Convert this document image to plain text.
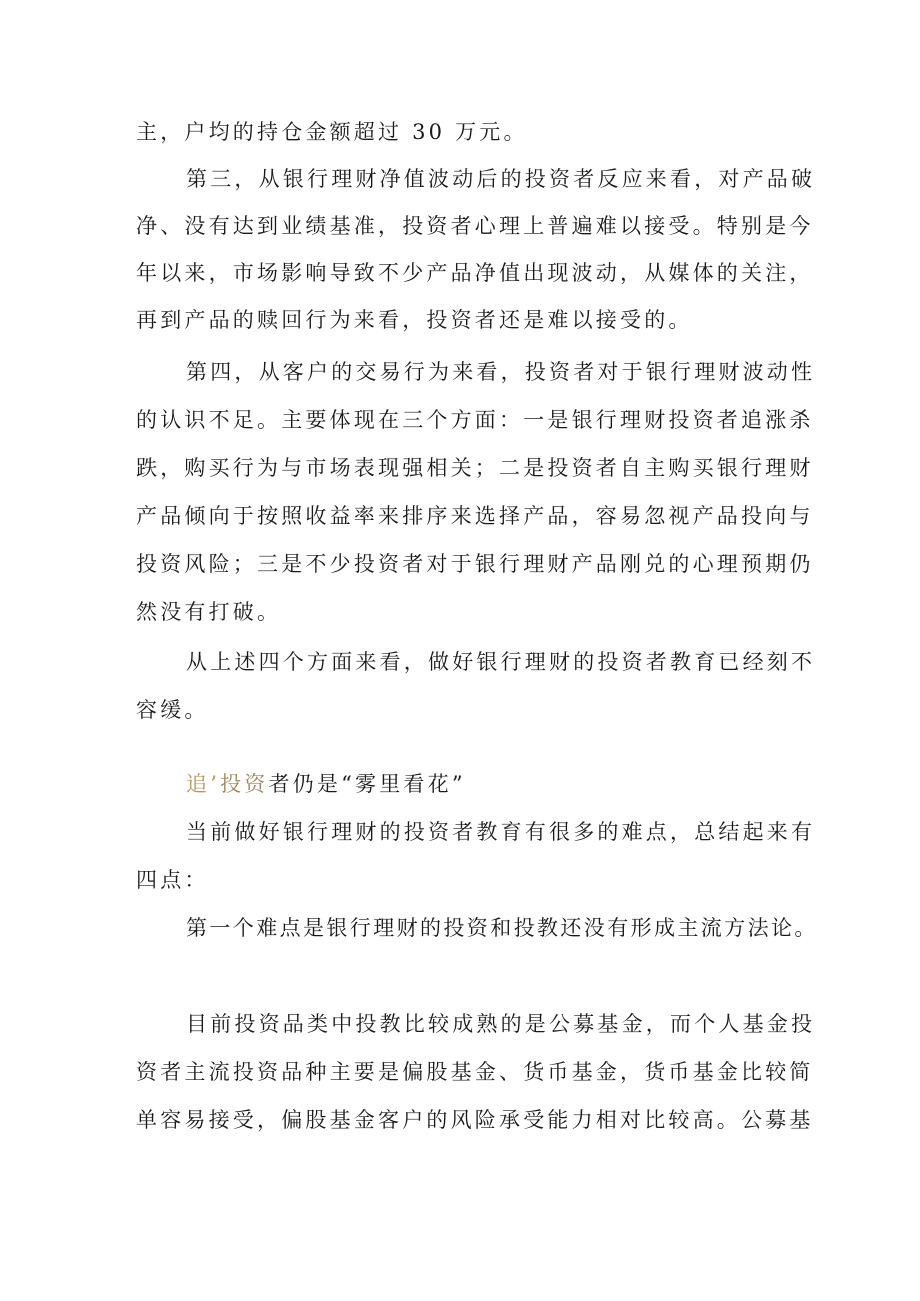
主，户均的持仓金额超过 30 万元。
第三，从银行理财净值波动后的投资者反应来看，对产品破
净、没有达到业绩基准，投资者心理上普遍难以接受。特别是今
年以来，市场影响导致不少产品净值出现波动，从媒体的关注，
再到产品的赎回行为来看，投资者还是难以接受的。
第四，从客户的交易行为来看，投资者对于银行理财波动性
的认识不足。主要体现在三个方面：一是银行理财投资者追涨杀
跌，购买行为与市场表现强相关；二是投资者自主购买银行理财
产品倾向于按照收益率来排序来选择产品，容易忽视产品投向与
投资风险；三是不少投资者对于银行理财产品刚兑的心理预期仍
然没有打破。
从上述四个方面来看，做好银行理财的投资者教育已经刻不
容缓。
追’投资者仍是“雾里看花”
当前做好银行理财的投资者教育有很多的难点，总结起来有
四点：
第一个难点是银行理财的投资和投教还没有形成主流方法论。
目前投资品类中投教比较成熟的是公募基金，而个人基金投
资者主流投资品种主要是偏股基金、货币基金，货币基金比较简
单容易接受，偏股基金客户的风险承受能力相对比较高。公募基
